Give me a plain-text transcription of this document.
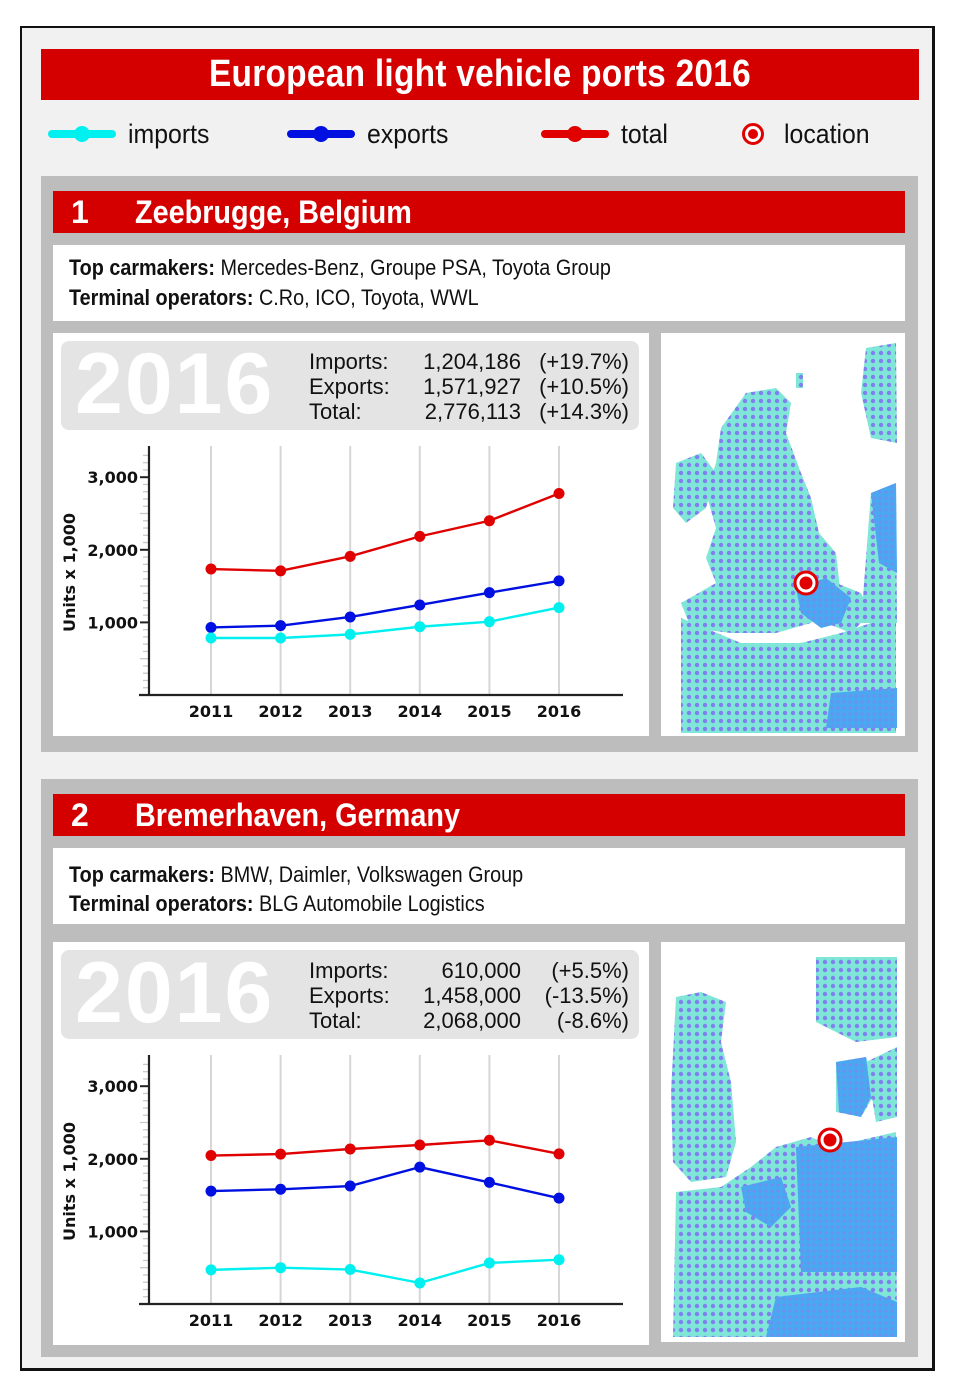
European light vehicle ports 2016
imports	exports	total	location
1 Zeebrugge, Belgium
Top carmakers: Mercedes-Benz, Groupe PSA, Toyota Group
Terminal operators: C.Ro, ICO, Toyota, WWL
2016 Imports: 1,204,186 (+19.7%)
Exports: 1,571,927 (+10.5%)
Total:	2,776,113 (+14.3%)
1,000
2,000
3,000
2011 2012 2013 2014 2015 2016
Units x 1,000
2 Bremerhaven, Germany
Top carmakers: BMW, Daimler, Volkswagen Group
Terminal operators: BLG Automobile Logistics
2016 Imports: 610,000 (+5.5%)
Exports: 1,458,000 (-13.5%)
Total:	2,068,000 (-8.6%)
1,000
2,000
3,000
2011 2012 2013 2014 2015 2016
Units x 1,000
